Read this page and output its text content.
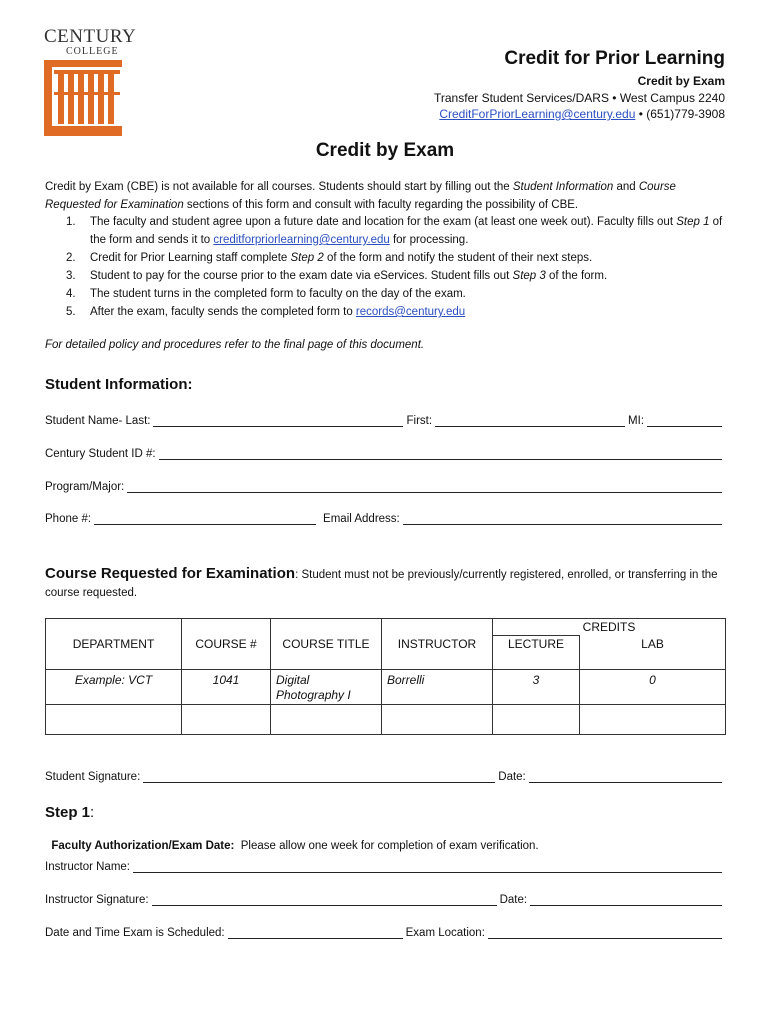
CENTURY
COLLEGE	Credit for Prior Learning
Credit by Exam
Transfer Student Services/DARS • West Campus 2240
CreditForPriorLearning@century.edu • (651)779-3908
Credit by Exam
Credit by Exam (CBE) is not available for all courses. Students should start by filling out the Student Information and Course Requested for Examination sections of this form and consult with faculty regarding the possibility of CBE.
1.	The faculty and student agree upon a future date and location for the exam (at least one week out). Faculty fills out Step 1 of the form and sends it to creditforpriorlearning@century.edu for processing.
2.	Credit for Prior Learning staff complete Step 2 of the form and notify the student of their next steps.
3.	Student to pay for the course prior to the exam date via eServices. Student fills out Step 3 of the form.
4.	The student turns in the completed form to faculty on the day of the exam.
5.	After the exam, faculty sends the completed form to records@century.edu
For detailed policy and procedures refer to the final page of this document.
Student Information:
Student Name- Last:	First:	MI:
Century Student ID #:
Program/Major:
Phone #:	Email Address:
Course Requested for Examination: Student must not be previously/currently registered, enrolled, or transferring in the course requested.
DEPARTMENT	COURSE #	COURSE TITLE	INSTRUCTOR	CREDITS	
				LECTURE	LAB
Example: VCT	1041	Digital Photography I	Borrelli	3	0

Student Signature:	Date:
Step 1:

Faculty Authorization/Exam Date:  Please allow one week for completion of exam verification.

Instructor Name:
Instructor Signature:	Date:
Date and Time Exam is Scheduled:	Exam Location:
